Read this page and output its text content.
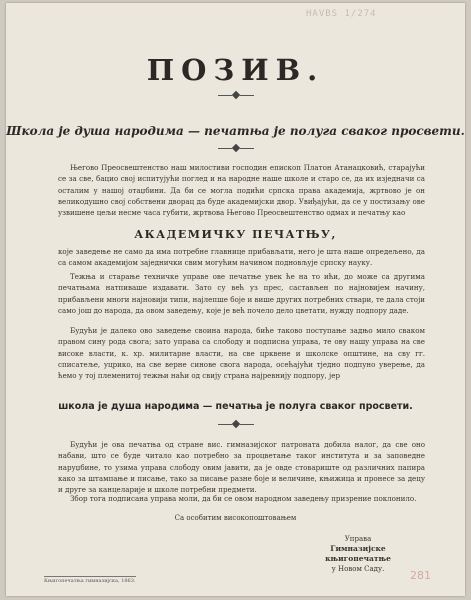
HAVBS 1/274
ПОЗИВ.
Школа је душа народима — печатња је полуга сваког просвети.
Његово Преосвештенство наш милостиви господин епископ Платон Атанацковић, старајући се за све, бацио свој испитујући поглед и на народне наше школе и старо се, да их изједначи са осталим у нашој отаџбини. Да би се могла подићи српска права академија, жртвово је он великодушно свој собствени дворац да буде академијски двор. Увиђајући, да се у постизању ове узвишене цељи несме часа губити, жртвова Његово Преосвештенство одмах и печатњу као
АКАДЕМИЧКУ ПЕЧАТЊУ,
које заведење не само да има потребне главнице прибављати, него је шта наше опредељено, да са самом академијом заједнички свим могућим начином подновљује српску науку.
Тежња и старање техничке управе ове печатње увек ће на то ићи, до може са другима печатњама натпиваше издавати. Зато су већ уз прес, састављен по најновијем начину, прибављени многи најновији типи, најлепше боје и више других потребних ствари, те дала стоји само још до народа, да овом заведењу, које је већ почело дело цветати, нужду подпору даде.
Будући је далеко ово заведење своина народа, биће таково поступање задњо мило сваком правом сину рода свога; зато управа са слободу и подписна управа, те ову нашу управа на све високе власти, к. хр. милитарне власти, на све црквене и школске општине, на сву гг. списатеље, уцрико, на све верне синове свога народа, осећајући тједно подпуно уверење, да ћемо у тој племенитој тежњи наћи од свију страна најревнију подпору, јер
школа је душа народима — печатња је полуга сваког просвети.
Будући је ова печатња од стране вис. гимназијског патроната добила налог, да све оно набави, што се буде читало као потребно за процветање таког института и за заповедне наруџбине, то узима управа слободу овим јавити, да је овде стовариште од различних папира како за штампање и писање, тако за писање разне боје и величине, књижица и пронесе за децу и друге за канцеларије и школе потребни предмети.
Збор тога подписана управа моли, да би се овом народном заведењу призрение поклонило.
Са особитим високопоштовањем
Управа
Гимназијске књигопечатње
у Новом Саду.
Књигопечатња гимназијска, 1863.	281
